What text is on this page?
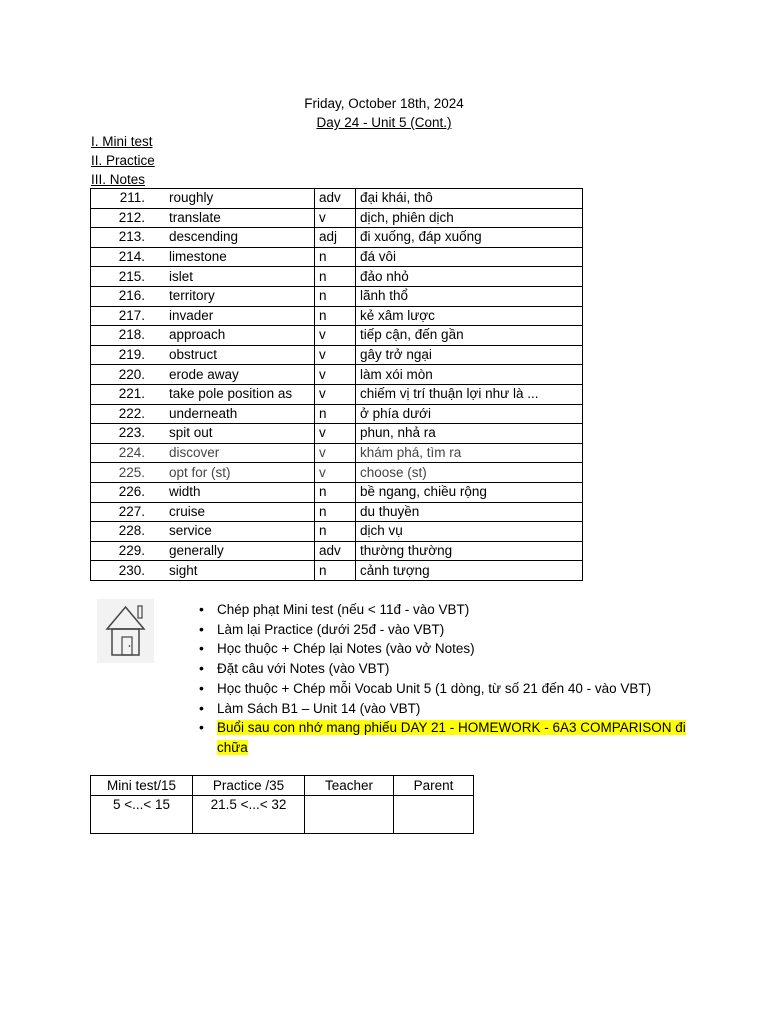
Friday, October 18th, 2024
Day 24 - Unit 5 (Cont.)
I. Mini test
II. Practice
III. Notes
211.	roughly	adv	đại khái, thô
212.	translate	v	dịch, phiên dịch
213.	descending	adj	đi xuống, đáp xuống
214.	limestone	n	đá vôi
215.	islet	n	đảo nhỏ
216.	territory	n	lãnh thổ
217.	invader	n	kẻ xâm lược
218.	approach	v	tiếp cận, đến gần
219.	obstruct	v	gây trở ngại
220.	erode away	v	làm xói mòn
221.	take pole position as	v	chiếm vị trí thuận lợi như là ...
222.	underneath	n	ở phía dưới
223.	spit out	v	phun, nhả ra
224.	discover	v	khám phá, tìm ra
225.	opt for (st)	v	choose (st)
226.	width	n	bề ngang, chiều rộng
227.	cruise	n	du thuyền
228.	service	n	dịch vụ
229.	generally	adv	thường thường
230.	sight	n	cảnh tượng
• Chép phạt Mini test (nếu < 11đ - vào VBT)
• Làm lại Practice (dưới 25đ - vào VBT)
• Học thuộc + Chép lại Notes (vào vở Notes)
• Đặt câu với Notes (vào VBT)
• Học thuộc + Chép mỗi Vocab Unit 5 (1 dòng, từ số 21 đến 40 - vào VBT)
• Làm Sách B1 – Unit 14 (vào VBT)
• Buổi sau con nhớ mang phiếu DAY 21 - HOMEWORK - 6A3 COMPARISON đi chữa
Mini test/15	Practice /35	Teacher	Parent
5 <...< 15	21.5 <...< 32		
